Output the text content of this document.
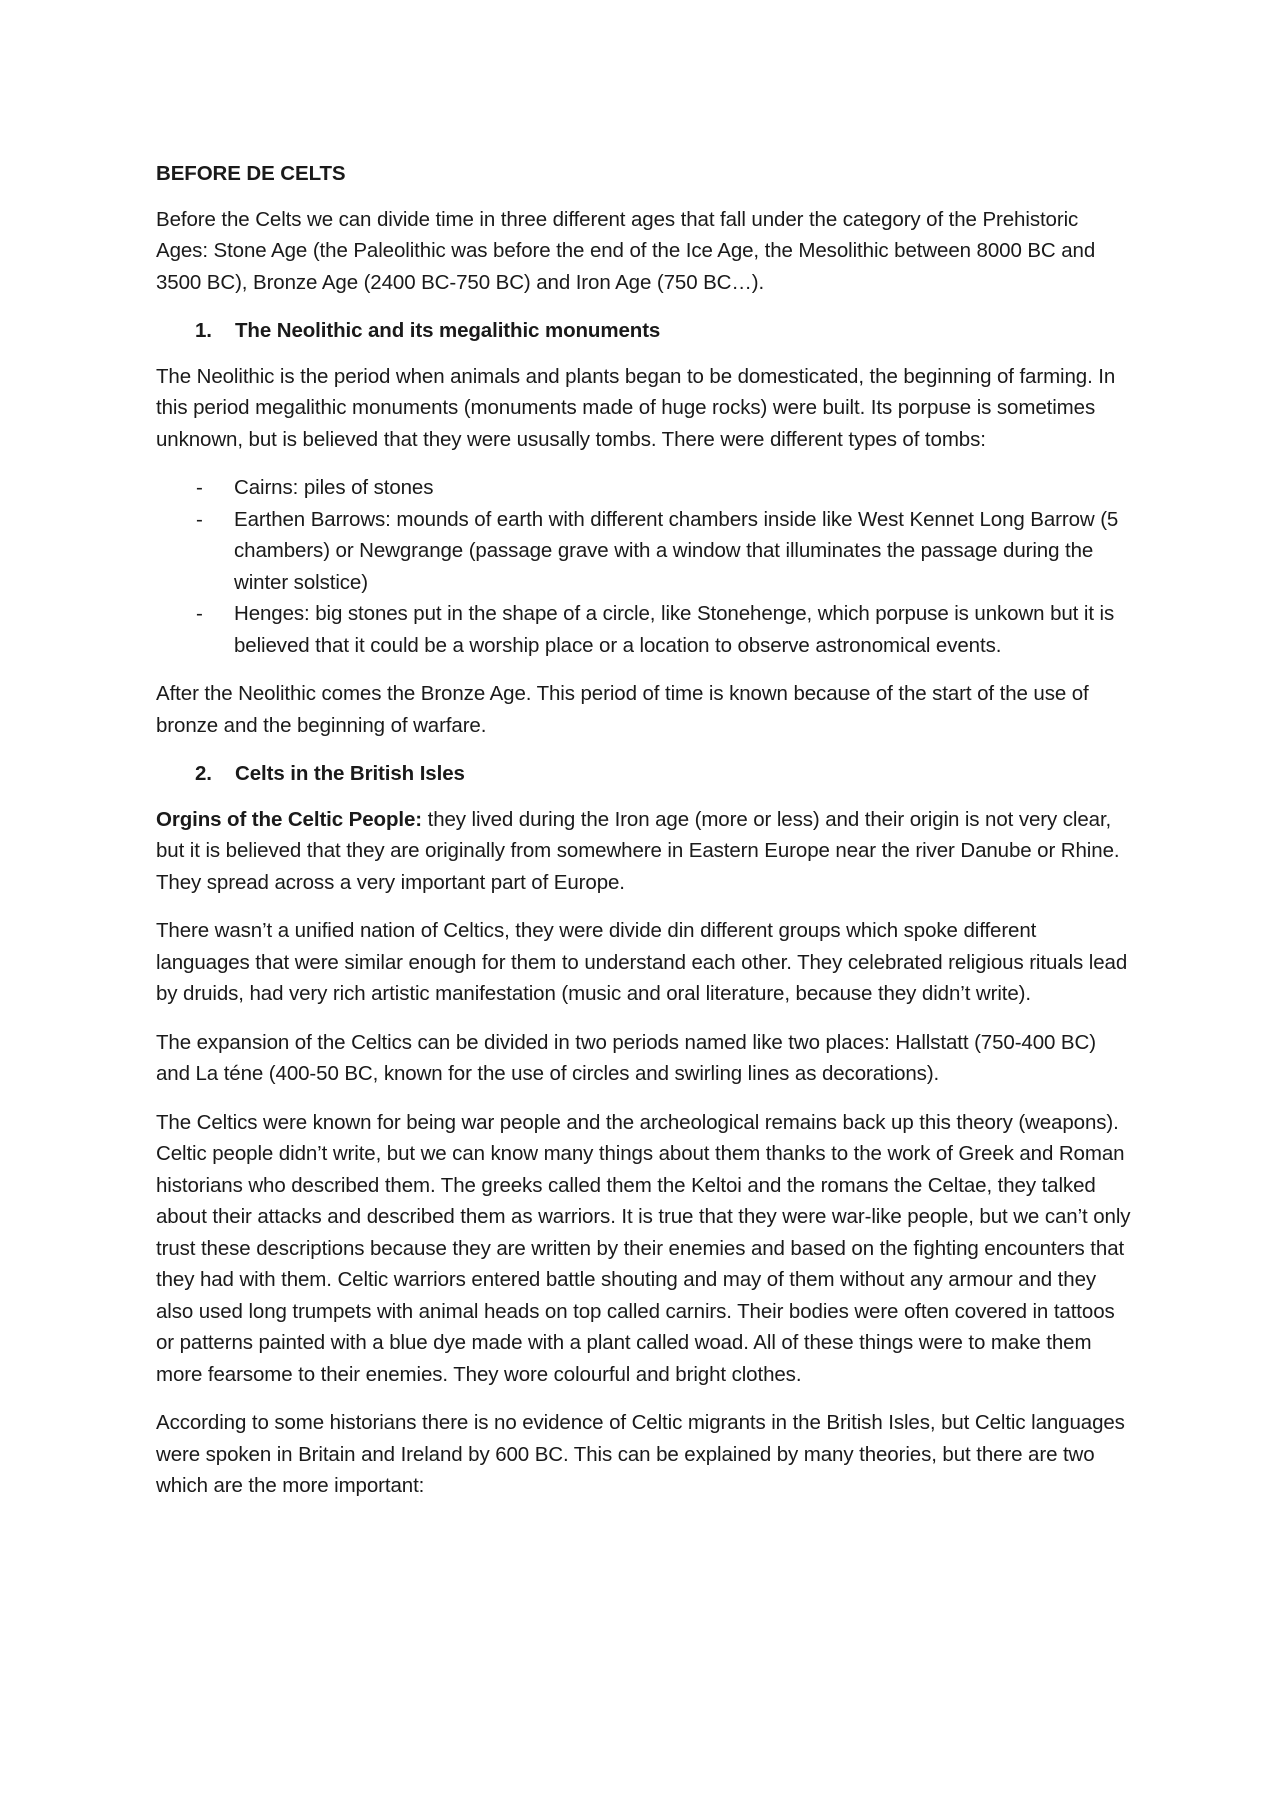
BEFORE DE CELTS

Before the Celts we can divide time in three different ages that fall under the category of the Prehistoric Ages: Stone Age (the Paleolithic was before the end of the Ice Age, the Mesolithic between 8000 BC and 3500 BC), Bronze Age (2400 BC-750 BC) and Iron Age (750 BC…).

1.	The Neolithic and its megalithic monuments

The Neolithic is the period when animals and plants began to be domesticated, the beginning of farming. In this period megalithic monuments (monuments made of huge rocks) were built. Its porpuse is sometimes unknown, but is believed that they were ususally tombs. There were different types of tombs:

-	Cairns: piles of stones
-	Earthen Barrows: mounds of earth with different chambers inside like West Kennet Long Barrow (5 chambers) or Newgrange (passage grave with a window that illuminates the passage during the winter solstice)
-	Henges: big stones put in the shape of a circle, like Stonehenge, which porpuse is unkown but it is believed that it could be a worship place or a location to observe astronomical events.

After the Neolithic comes the Bronze Age. This period of time is known because of the start of the use of bronze and the beginning of warfare.

2.	Celts in the British Isles

Orgins of the Celtic People: they lived during the Iron age (more or less) and their origin is not very clear, but it is believed that they are originally from somewhere in Eastern Europe near the river Danube or Rhine. They spread across a very important part of Europe.

There wasn’t a unified nation of Celtics, they were divide din different groups which spoke different languages that were similar enough for them to understand each other. They celebrated religious rituals lead by druids, had very rich artistic manifestation (music and oral literature, because they didn’t write).

The expansion of the Celtics can be divided in two periods named like two places: Hallstatt (750-400 BC) and La téne (400-50 BC, known for the use of circles and swirling lines as decorations).

The Celtics were known for being war people and the archeological remains back up this theory (weapons). Celtic people didn’t write, but we can know many things about them thanks to the work of Greek and Roman historians who described them. The greeks called them the Keltoi and the romans the Celtae, they talked about their attacks and described them as warriors. It is true that they were war-like people, but we can’t only trust these descriptions because they are written by their enemies and based on the fighting encounters that they had with them. Celtic warriors entered battle shouting and may of them without any armour and they also used long trumpets with animal heads on top called carnirs. Their bodies were often covered in tattoos or patterns painted with a blue dye made with a plant called woad. All of these things were to make them more fearsome to their enemies. They wore colourful and bright clothes.

According to some historians there is no evidence of Celtic migrants in the British Isles, but Celtic languages were spoken in Britain and Ireland by 600 BC. This can be explained by many theories, but there are two which are the more important:
